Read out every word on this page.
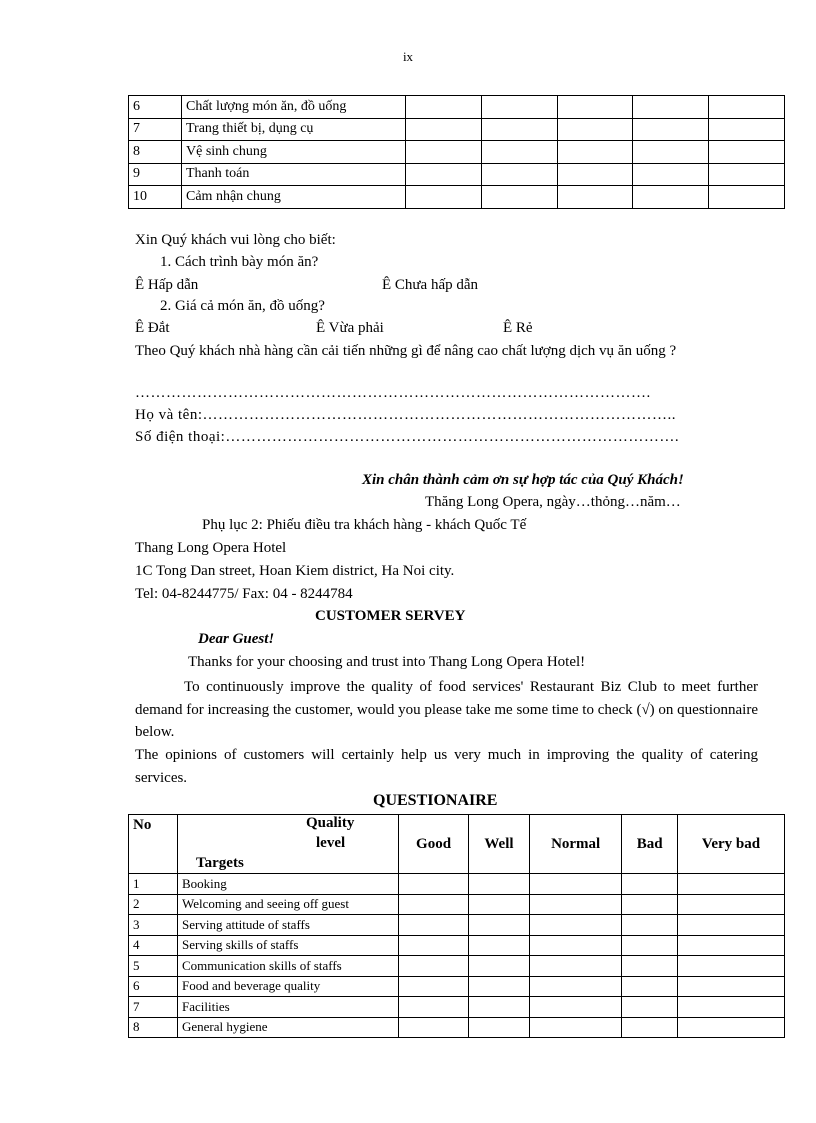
ix
6	Chất lượng món ăn, đồ uống					
7	Trang thiết bị, dụng cụ					
8	Vệ sinh chung					
9	Thanh toán					
10	Cảm nhận chung					
Xin Quý khách vui lòng cho biết:
1. Cách trình bày món ăn?
Ê Hấp dẫn	Ê Chưa hấp dẫn
2. Giá cả món ăn, đồ uống?
Ê Đắt	Ê Vừa phải	Ê Rẻ
Theo Quý khách nhà hàng cần cải tiến những gì để nâng cao chất lượng dịch vụ ăn uống ?
……………………………………………………………………………………….
Họ và tên:………………………………………………………………………………..
Số điện thoại:…………………………………………………………………………….
Xin chân thành cảm ơn sự hợp tác của Quý Khách!
Thăng Long Opera, ngày…thỏng…năm…
Phụ lục 2: Phiếu điều tra khách hàng - khách Quốc Tế
Thang Long Opera Hotel
1C Tong Dan street, Hoan Kiem district, Ha Noi city.
Tel: 04-8244775/ Fax: 04 - 8244784
CUSTOMER SERVEY
Dear Guest!
Thanks for your choosing and trust into Thang Long Opera Hotel!
To continuously improve the quality of food services' Restaurant Biz Club to meet further demand for increasing the customer, would you please take me some time to check (√) on questionnaire below.
The opinions of customers will certainly help us very much in improving the quality of catering services.
QUESTIONAIRE
No	Quality
level
Targets	Good	Well	Normal	Bad	Very bad
1	Booking					
2	Welcoming and seeing off guest					
3	Serving attitude of staffs					
4	Serving skills of staffs					
5	Communication skills of staffs					
6	Food and beverage quality					
7	Facilities					
8	General hygiene					
